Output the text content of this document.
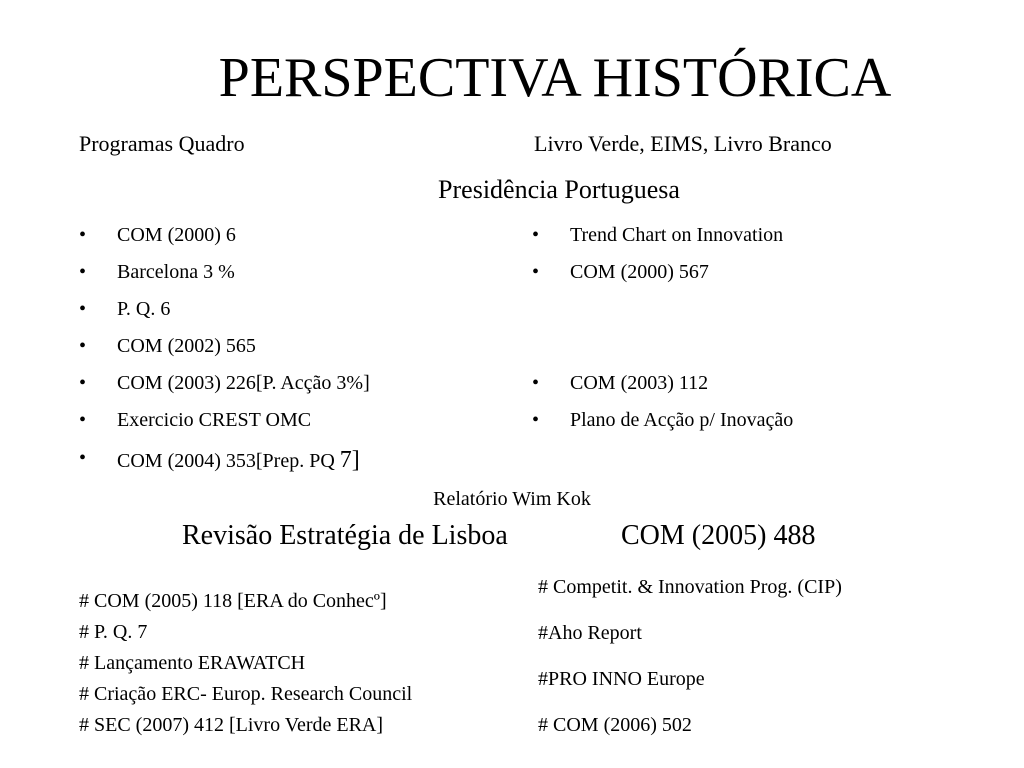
PERSPECTIVA HISTÓRICA
Programas Quadro	Livro Verde, EIMS, Livro Branco
Presidência Portuguesa
• COM (2000) 6
• Barcelona 3 %
• P. Q. 6
• COM (2002) 565
• COM (2003) 226[P. Acção 3%]
• Exercicio CREST OMC
• COM (2004) 353[Prep. PQ 7]
• Trend Chart on Innovation
• COM (2000) 567
• COM (2003) 112
• Plano de Acção p/ Inovação
Relatório Wim Kok
Revisão Estratégia de Lisboa	COM (2005) 488
# COM (2005) 118 [ERA do Conhecº]
# P. Q. 7
# Lançamento ERAWATCH
# Criação ERC- Europ. Research Council
# SEC (2007) 412 [Livro Verde ERA]
# Competit. & Innovation Prog. (CIP)
#Aho Report
#PRO INNO Europe
# COM (2006) 502
